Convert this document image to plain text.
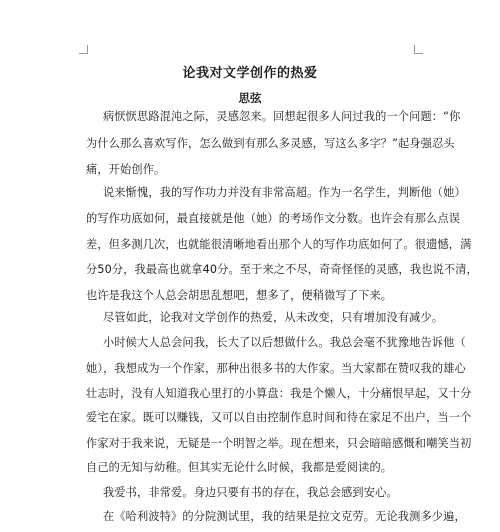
论我对文学创作的热爱
思弦
病恹恹思路混沌之际，灵感忽来。回想起很多人问过我的一个问题：“你
为什么那么喜欢写作，怎么做到有那么多灵感，写这么多字？”起身强忍头
痛，开始创作。
说来惭愧，我的写作功力并没有非常高超。作为一名学生，判断他（她）
的写作功底如何，最直接就是他（她）的考场作文分数。也许会有那么点误
差，但多测几次，也就能很清晰地看出那个人的写作功底如何了。很遗憾，满
分50分，我最高也就拿40分。至于来之不尽，奇奇怪怪的灵感，我也说不清，
也许是我这个人总会胡思乱想吧，想多了，便稍微写了下来。
尽管如此，论我对文学创作的热爱，从未改变，只有增加没有减少。
小时候大人总会问我，长大了以后想做什么。我总会毫不犹豫地告诉他（
她），我想成为一个作家，那种出很多书的大作家。当大家都在赞叹我的雄心
壮志时，没有人知道我心里打的小算盘：我是个懒人，十分痛恨早起，又十分
爱宅在家。既可以赚钱，又可以自由控制作息时间和待在家足不出户，当一个
作家对于我来说，无疑是一个明智之举。现在想来，只会暗暗感慨和嘲笑当初
自己的无知与幼稚。但其实无论什么时候，我都是爱阅读的。
我爱书，非常爱。身边只要有书的存在，我总会感到安心。
在《哈利波特》的分院测试里，我的结果是拉文克劳。无论我测多少遍，
